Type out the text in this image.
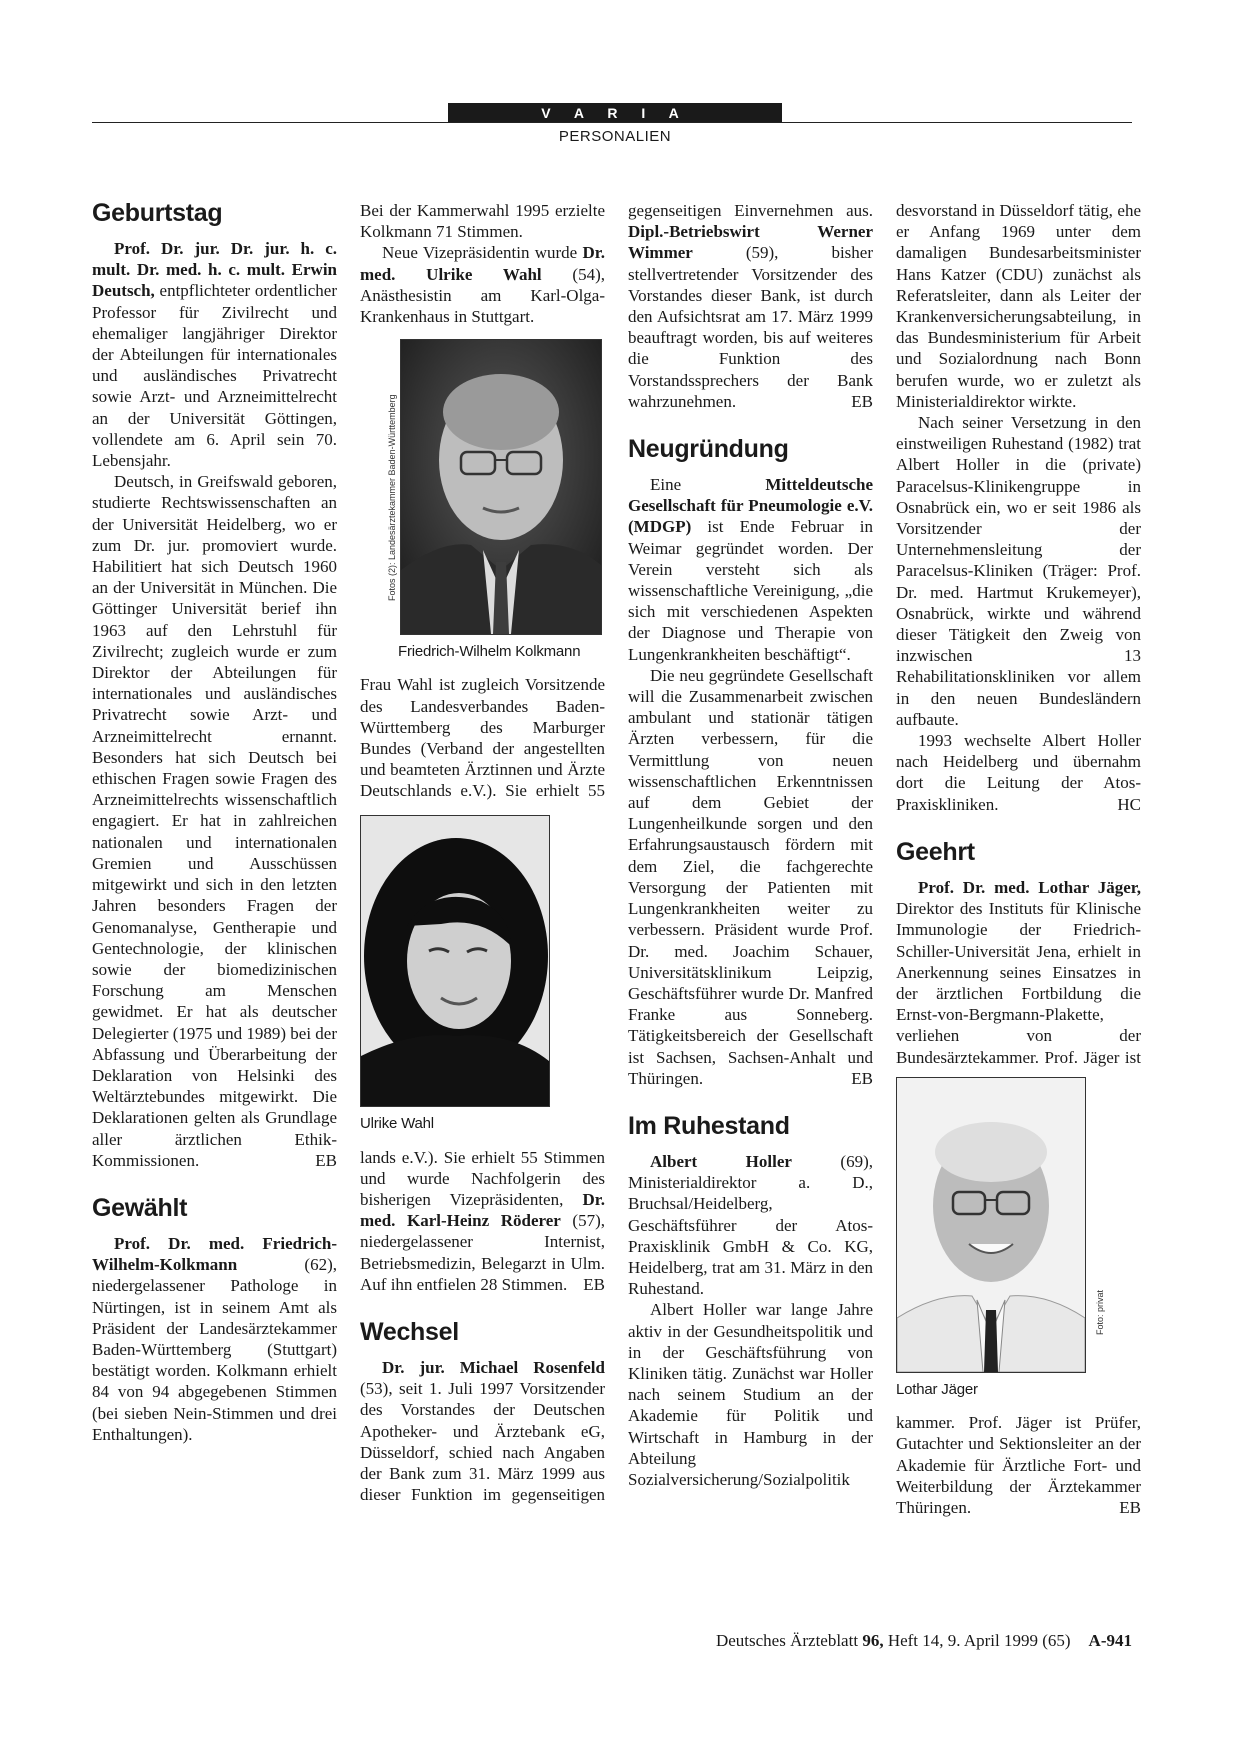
V A R I A
PERSONALIEN
Geburtstag

Prof. Dr. jur. Dr. jur. h. c. mult. Dr. med. h. c. mult. Erwin Deutsch, entpflichteter ordentlicher Professor für Zivilrecht und ehemaliger langjähriger Direktor der Abteilungen für internationales und ausländisches Privatrecht sowie Arzt- und Arzneimittelrecht an der Universität Göttingen, vollendete am 6. April sein 70. Lebensjahr.

Deutsch, in Greifswald geboren, studierte Rechtswissenschaften an der Universität Heidelberg, wo er zum Dr. jur. promoviert wurde. Habilitiert hat sich Deutsch 1960 an der Universität in München. Die Göttinger Universität berief ihn 1963 auf den Lehrstuhl für Zivilrecht; zugleich wurde er zum Direktor der Abteilungen für internationales und ausländisches Privatrecht sowie Arzt- und Arzneimittelrecht ernannt. Besonders hat sich Deutsch bei ethischen Fragen sowie Fragen des Arzneimittelrechts wissenschaftlich engagiert. Er hat in zahlreichen nationalen und internationalen Gremien und Ausschüssen mitgewirkt und sich in den letzten Jahren besonders Fragen der Genomanalyse, Gentherapie und Gentechnologie, der klinischen sowie der biomedizinischen Forschung am Menschen gewidmet. Er hat als deutscher Delegierter (1975 und 1989) bei der Abfassung und Überarbeitung der Deklaration von Helsinki des Weltärztebundes mitgewirkt. Die Deklarationen gelten als Grundlage aller ärztlichen Ethik-Kommissionen.	EB

Gewählt

Prof. Dr. med. Friedrich-Wilhelm-Kolkmann (62), niedergelassener Pathologe in Nürtingen, ist in seinem Amt als Präsident der Landesärztekammer Baden-Württemberg (Stuttgart) bestätigt worden. Kolkmann erhielt 84 von 94 abgegebenen Stimmen (bei sieben Nein-Stimmen und drei Enthaltungen).

Bei der Kammerwahl 1995 erzielte Kolkmann 71 Stimmen.

Neue Vizepräsidentin wurde Dr. med. Ulrike Wahl (54), Anästhesistin am Karl-Olga-Krankenhaus in Stuttgart.

Fotos (2): Landesärztekammer Baden-Württemberg
Friedrich-Wilhelm Kolkmann

Frau Wahl ist zugleich Vorsitzende des Landesverbandes Baden-Württemberg des Marburger Bundes (Verband der angestellten und beamteten Ärztinnen und Ärzte Deutschlands e.V.). Sie erhielt 55

Ulrike Wahl

lands e.V.). Sie erhielt 55 Stimmen und wurde Nachfolgerin des bisherigen Vizepräsidenten, Dr. med. Karl-Heinz Röderer (57), niedergelassener Internist, Betriebsmedizin, Belegarzt in Ulm. Auf ihn entfielen 28 Stimmen. EB

Wechsel

Dr. jur. Michael Rosenfeld (53), seit 1. Juli 1997 Vorsitzender des Vorstandes der Deutschen Apotheker- und Ärztebank eG, Düsseldorf, schied nach Angaben der Bank zum 31. März 1999 aus dieser Funktion im gegenseitigen

gegenseitigen Einvernehmen aus. Dipl.-Betriebswirt Werner Wimmer (59), bisher stellvertretender Vorsitzender des Vorstandes dieser Bank, ist durch den Aufsichtsrat am 17. März 1999 beauftragt worden, bis auf weiteres die Funktion des Vorstandssprechers der Bank wahrzunehmen.	EB

Neugründung

Eine Mitteldeutsche Gesellschaft für Pneumologie e.V. (MDGP) ist Ende Februar in Weimar gegründet worden. Der Verein versteht sich als wissenschaftliche Vereinigung, „die sich mit verschiedenen Aspekten der Diagnose und Therapie von Lungenkrankheiten beschäftigt“.

Die neu gegründete Gesellschaft will die Zusammenarbeit zwischen ambulant und stationär tätigen Ärzten verbessern, für die Vermittlung von neuen wissenschaftlichen Erkenntnissen auf dem Gebiet der Lungenheilkunde sorgen und den Erfahrungsaustausch fördern mit dem Ziel, die fachgerechte Versorgung der Patienten mit Lungenkrankheiten weiter zu verbessern. Präsident wurde Prof. Dr. med. Joachim Schauer, Universitätsklinikum Leipzig, Geschäftsführer wurde Dr. Manfred Franke aus Sonneberg. Tätigkeitsbereich der Gesellschaft ist Sachsen, Sachsen-Anhalt und Thüringen.	EB

Im Ruhestand

Albert Holler (69), Ministerialdirektor a. D., Bruchsal/Heidelberg, Geschäftsführer der Atos-Praxisklinik GmbH & Co. KG, Heidelberg, trat am 31. März in den Ruhestand.

Albert Holler war lange Jahre aktiv in der Gesundheitspolitik und in der Geschäftsführung von Kliniken tätig. Zunächst war Holler nach seinem Studium an der Akademie für Politik und Wirtschaft in Hamburg in der Abteilung Sozialversicherung/Sozialpolitik

desvorstand in Düsseldorf tätig, ehe er Anfang 1969 unter dem damaligen Bundesarbeitsminister Hans Katzer (CDU) zunächst als Referatsleiter, dann als Leiter der Krankenversicherungsabteilung, in das Bundesministerium für Arbeit und Sozialordnung nach Bonn berufen wurde, wo er zuletzt als Ministerialdirektor wirkte.

Nach seiner Versetzung in den einstweiligen Ruhestand (1982) trat Albert Holler in die (private) Paracelsus-Klinikengruppe in Osnabrück ein, wo er seit 1986 als Vorsitzender der Unternehmensleitung der Paracelsus-Kliniken (Träger: Prof. Dr. med. Hartmut Krukemeyer), Osnabrück, wirkte und während dieser Tätigkeit den Zweig von inzwischen 13 Rehabilitationskliniken vor allem in den neuen Bundesländern aufbaute.

1993 wechselte Albert Holler nach Heidelberg und übernahm dort die Leitung der Atos-Praxiskliniken.	HC

Geehrt

Prof. Dr. med. Lothar Jäger, Direktor des Instituts für Klinische Immunologie der Friedrich-Schiller-Universität Jena, erhielt in Anerkennung seines Einsatzes in der ärztlichen Fortbildung die Ernst-von-Bergmann-Plakette, verliehen von der Bundesärztekammer. Prof. Jäger ist

Foto: privat
Lothar Jäger

kammer. Prof. Jäger ist Prüfer, Gutachter und Sektionsleiter an der Akademie für Ärztliche Fort- und Weiterbildung der Ärztekammer Thüringen.	EB

Deutsches Ärzteblatt 96, Heft 14, 9. April 1999 (65) A-941
